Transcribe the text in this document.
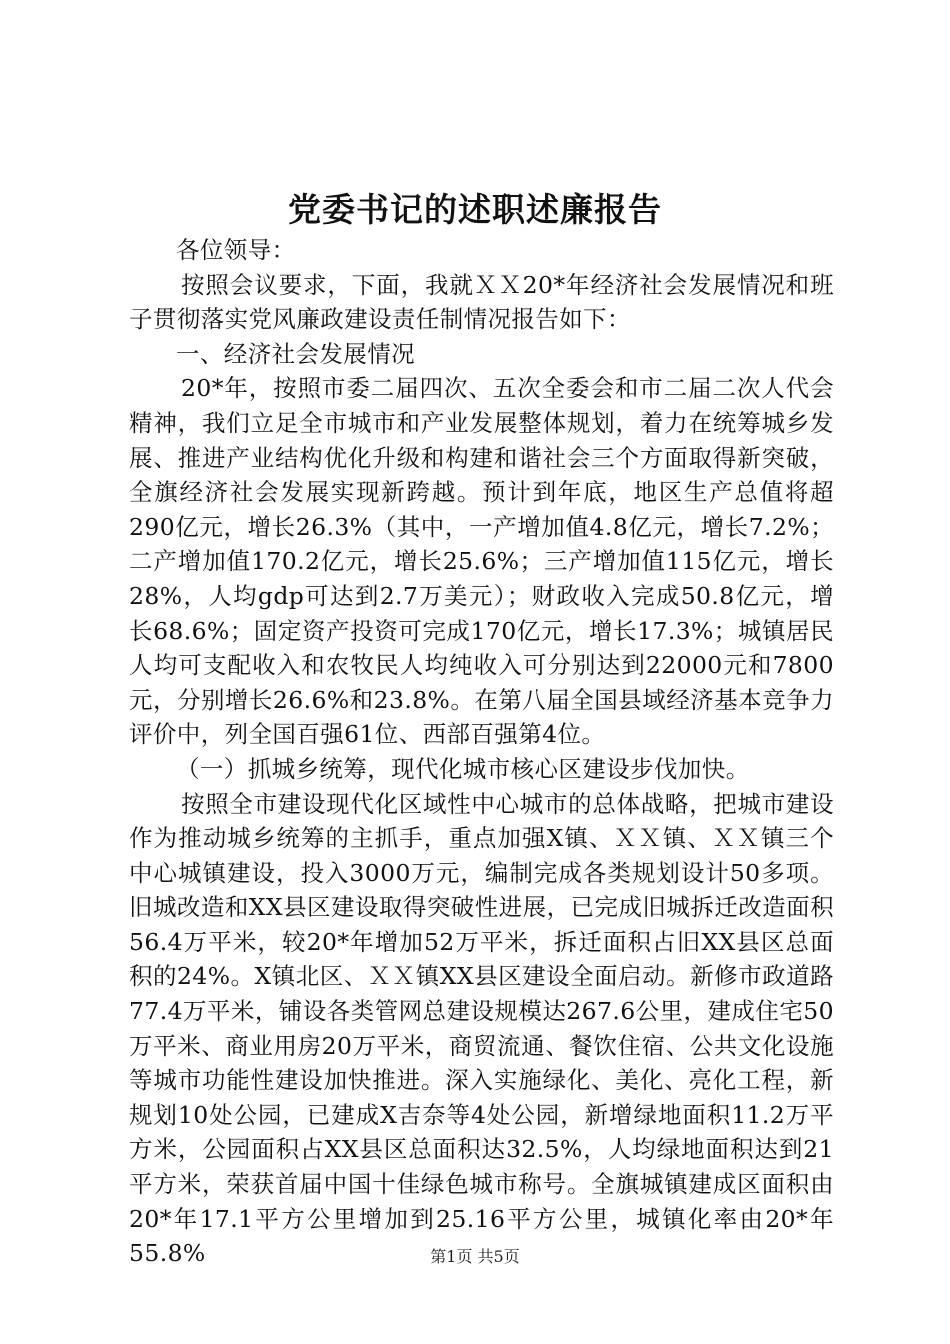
党委书记的述职述廉报告

各位领导：

按照会议要求，下面，我就ＸＸ20*年经济社会发展情况和班子贯彻落实党风廉政建设责任制情况报告如下：

一、经济社会发展情况

20*年，按照市委二届四次、五次全委会和市二届二次人代会精神，我们立足全市城市和产业发展整体规划，着力在统筹城乡发展、推进产业结构优化升级和构建和谐社会三个方面取得新突破，全旗经济社会发展实现新跨越。预计到年底，地区生产总值将超290亿元，增长26.3%（其中，一产增加值4.8亿元，增长7.2%；二产增加值170.2亿元，增长25.6%；三产增加值115亿元，增长28%，人均gdp可达到2.7万美元）；财政收入完成50.8亿元，增长68.6%；固定资产投资可完成170亿元，增长17.3%；城镇居民人均可支配收入和农牧民人均纯收入可分别达到22000元和7800元，分别增长26.6%和23.8%。在第八届全国县域经济基本竞争力评价中，列全国百强61位、西部百强第4位。

（一）抓城乡统筹，现代化城市核心区建设步伐加快。

按照全市建设现代化区域性中心城市的总体战略，把城市建设作为推动城乡统筹的主抓手，重点加强X镇、ＸＸ镇、ＸＸ镇三个中心城镇建设，投入3000万元，编制完成各类规划设计50多项。旧城改造和XX县区建设取得突破性进展，已完成旧城拆迁改造面积56.4万平米，较20*年增加52万平米，拆迁面积占旧XX县区总面积的24%。X镇北区、ＸＸ镇XX县区建设全面启动。新修市政道路77.4万平米，铺设各类管网总建设规模达267.6公里，建成住宅50万平米、商业用房20万平米，商贸流通、餐饮住宿、公共文化设施等城市功能性建设加快推进。深入实施绿化、美化、亮化工程，新规划10处公园，已建成X吉奈等4处公园，新增绿地面积11.2万平方米，公园面积占XX县区总面积达32.5%，人均绿地面积达到21平方米，荣获首届中国十佳绿色城市称号。全旗城镇建成区面积由20*年17.1平方公里增加到25.16平方公里，城镇化率由20*年55.8%	第1页 共5页
